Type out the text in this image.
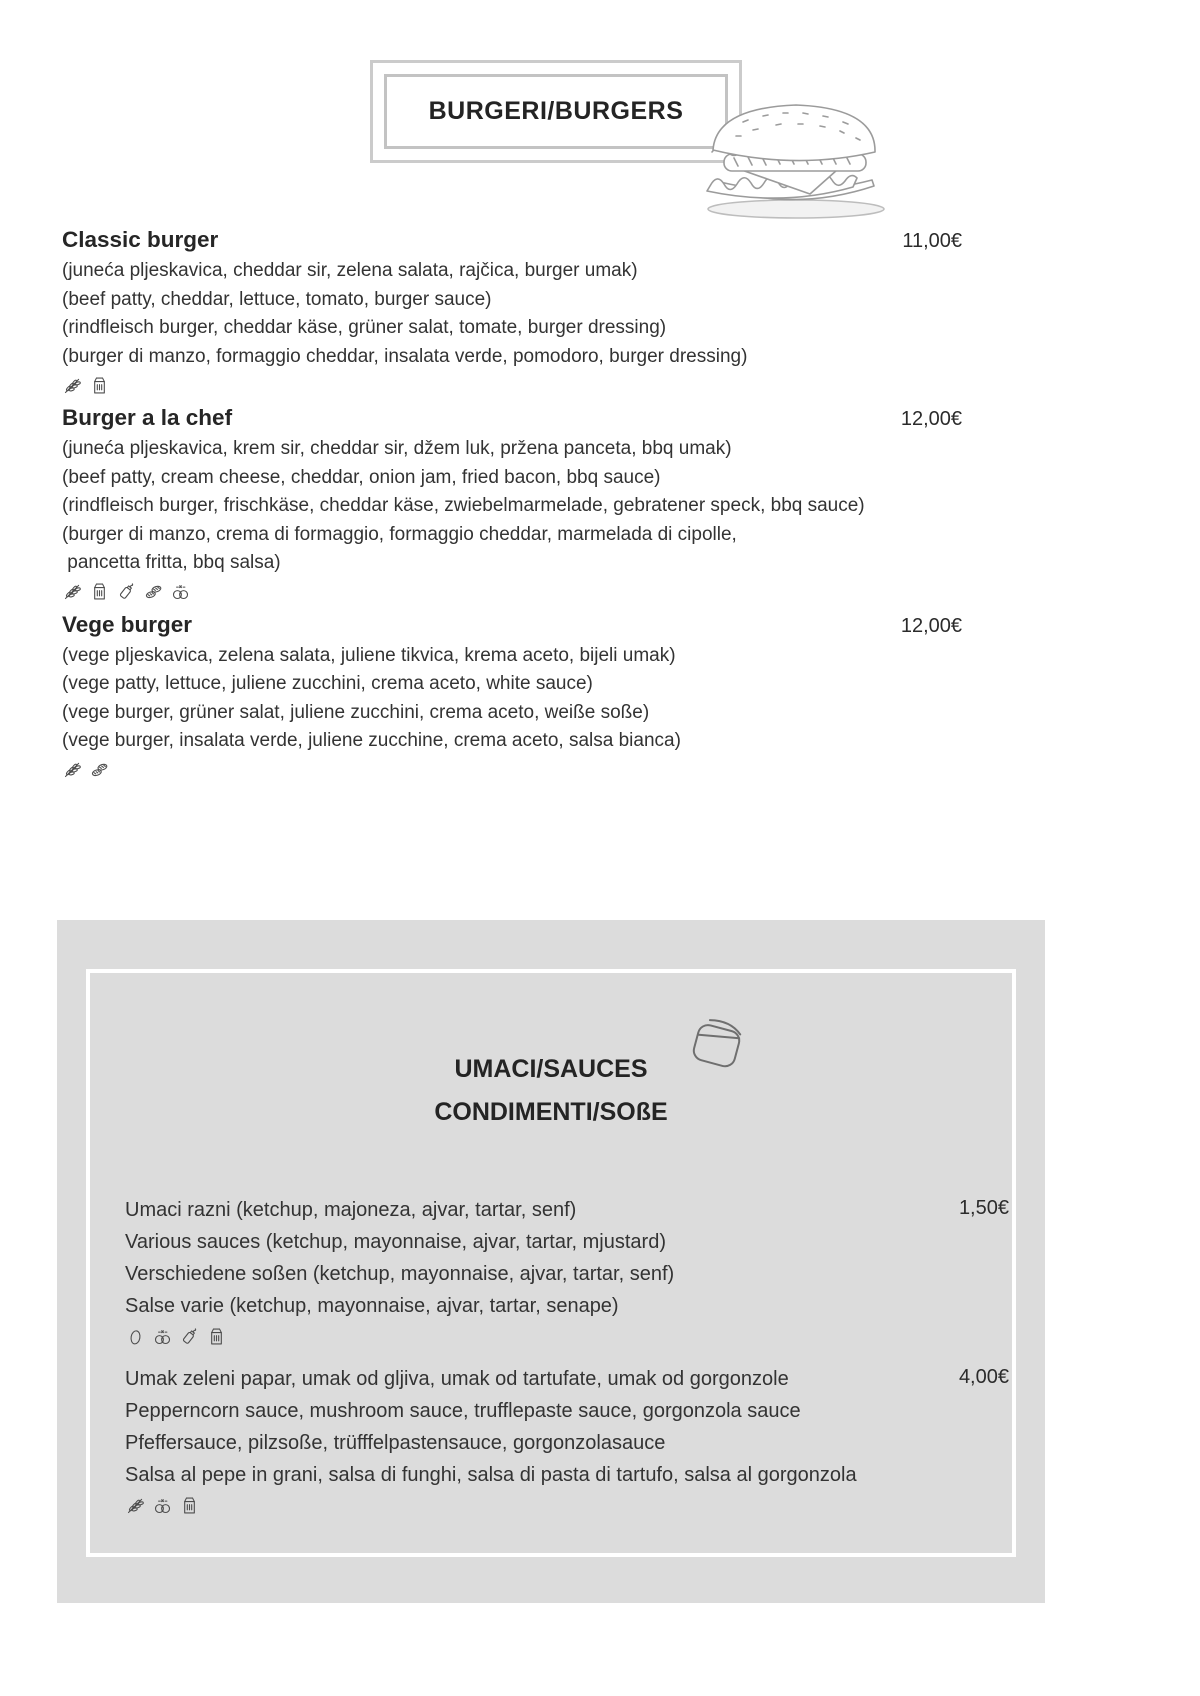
BURGERI/BURGERS
Classic burger	11,00€
(juneća pljeskavica, cheddar sir, zelena salata, rajčica, burger umak)
(beef patty, cheddar, lettuce, tomato, burger sauce)
(rindfleisch burger, cheddar käse, grüner salat, tomate, burger dressing)
(burger di manzo, formaggio cheddar, insalata verde, pomodoro, burger dressing)
Burger a la chef	12,00€
(juneća pljeskavica, krem sir, cheddar sir, džem luk, pržena panceta, bbq umak)
(beef patty, cream cheese, cheddar, onion jam, fried bacon, bbq sauce)
(rindfleisch burger, frischkäse, cheddar käse, zwiebelmarmelade, gebratener speck, bbq sauce)
(burger di manzo, crema di formaggio, formaggio cheddar, marmelada di cipolle,
pancetta fritta, bbq salsa)
Vege burger	12,00€
(vege pljeskavica, zelena salata, juliene tikvica, krema aceto, bijeli umak)
(vege patty, lettuce, juliene zucchini, crema aceto, white sauce)
(vege burger, grüner salat, juliene zucchini, crema aceto, weiße soße)
(vege burger, insalata verde, juliene zucchine, crema aceto, salsa bianca)
UMACI/SAUCES
CONDIMENTI/SOßE
1,50€
Umaci razni (ketchup, majoneza, ajvar, tartar, senf)
Various sauces (ketchup, mayonnaise, ajvar, tartar, mjustard)
Verschiedene soßen (ketchup, mayonnaise, ajvar, tartar, senf)
Salse varie (ketchup, mayonnaise, ajvar, tartar, senape)
4,00€
Umak zeleni papar, umak od gljiva, umak od tartufate, umak od gorgonzole
Pepperncorn sauce, mushroom sauce, trufflepaste sauce, gorgonzola sauce
Pfeffersauce, pilzsoße, trüfffelpastensauce, gorgonzolasauce
Salsa al pepe in grani, salsa di funghi, salsa di pasta di tartufo, salsa al gorgonzola
